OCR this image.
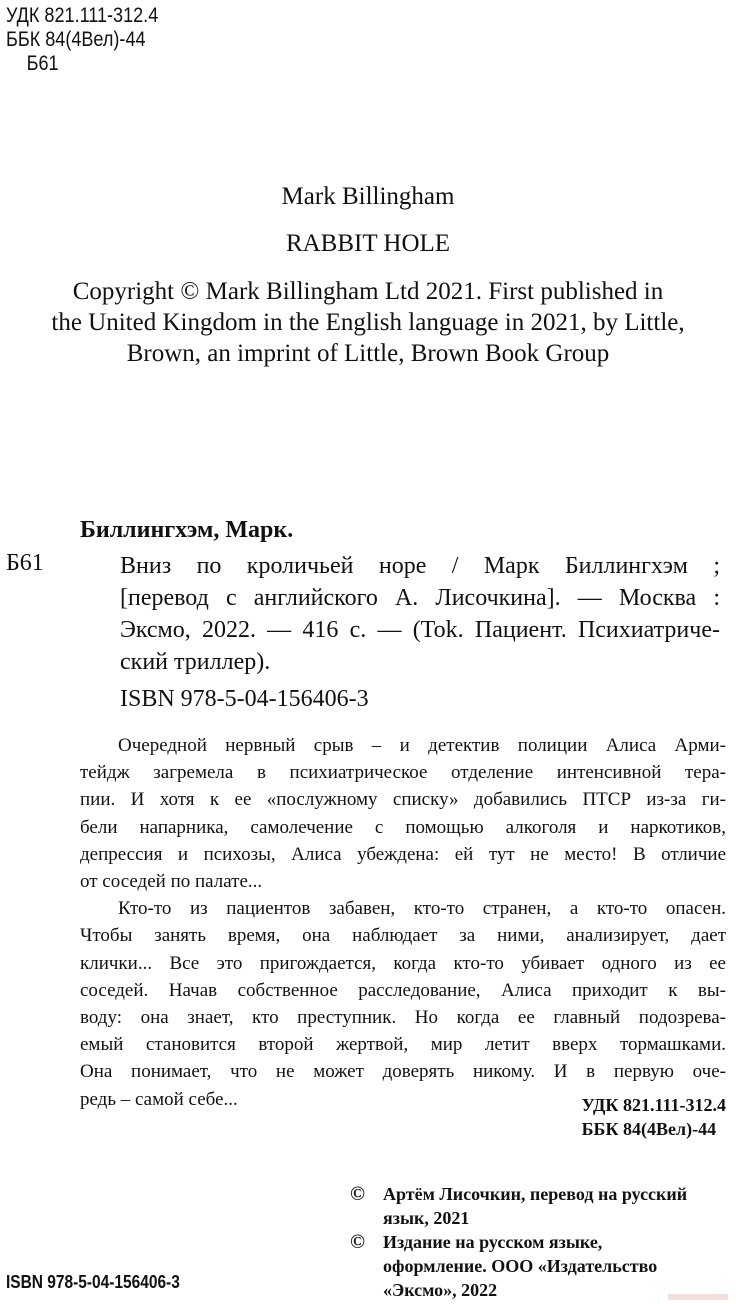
УДК 821.111-312.4
ББК 84(4Вел)-44
Б61
Mark Billingham
RABBIT HOLE
Copyright © Mark Billingham Ltd 2021. First published in
the United Kingdom in the English language in 2021, by Little,
Brown, an imprint of Little, Brown Book Group
Биллингхэм, Марк.
Б61	Вниз по кроличьей норе / Марк Биллингхэм ;
[перевод с английского А. Лисочкина]. — Москва :
Эксмо, 2022. — 416 с. — (Tok. Пациент. Психиатриче-
ский триллер).
ISBN 978-5-04-156406-3
Очередной нервный срыв – и детектив полиции Алиса Арми-
тейдж загремела в психиатрическое отделение интенсивной тера-
пии. И хотя к ее «послужному списку» добавились ПТСР из-за ги-
бели напарника, самолечение с помощью алкоголя и наркотиков,
депрессия и психозы, Алиса убеждена: ей тут не место! В отличие
от соседей по палате...
Кто-то из пациентов забавен, кто-то странен, а кто-то опасен.
Чтобы занять время, она наблюдает за ними, анализирует, дает
клички... Все это пригождается, когда кто-то убивает одного из ее
соседей. Начав собственное расследование, Алиса приходит к вы-
воду: она знает, кто преступник. Но когда ее главный подозрева-
емый становится второй жертвой, мир летит вверх тормашками.
Она понимает, что не может доверять никому. И в первую оче-
редь – самой себе...	УДК 821.111-312.4
ББК 84(4Вел)-44
© Артём Лисочкин, перевод на русский
язык, 2021
© Издание на русском языке,
оформление. ООО «Издательство
«Эксмо», 2022
ISBN 978-5-04-156406-3
